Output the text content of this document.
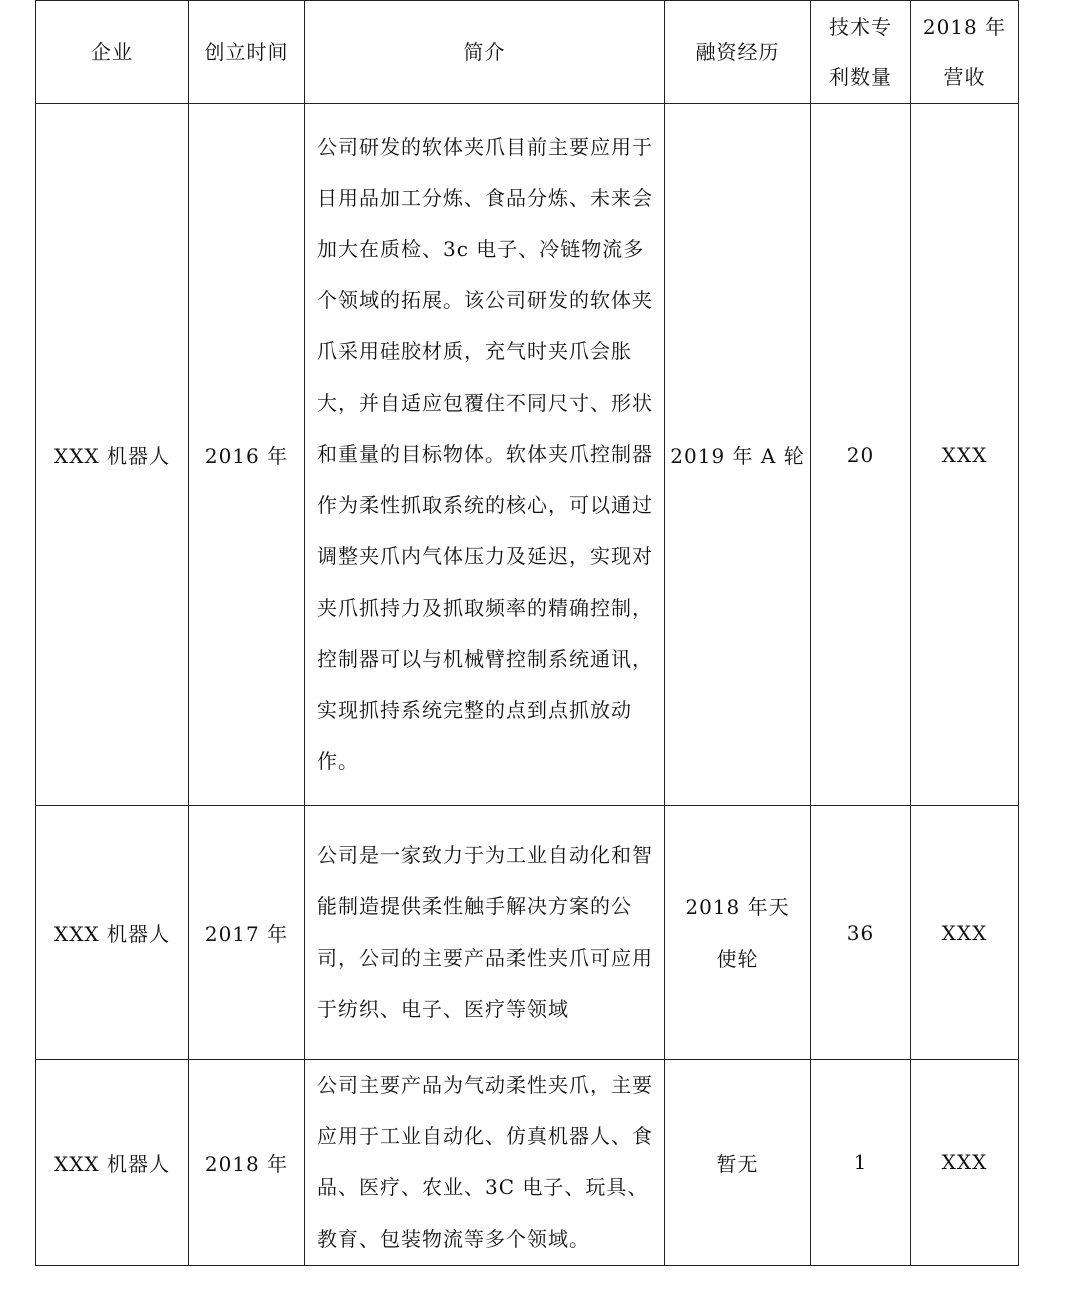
企业	创立时间	简介	融资经历	技术专利数量	2018 年营收

XXX 机器人	2016 年	公司研发的软体夹爪目前主要应用于日用品加工分炼、食品分炼、未来会加大在质检、3c 电子、冷链物流多个领域的拓展。该公司研发的软体夹爪采用硅胶材质，充气时夹爪会胀大，并自适应包覆住不同尺寸、形状和重量的目标物体。软体夹爪控制器作为柔性抓取系统的核心，可以通过调整夹爪内气体压力及延迟，实现对夹爪抓持力及抓取频率的精确控制，控制器可以与机械臂控制系统通讯，实现抓持系统完整的点到点抓放动作。	2019 年 A 轮	20	XXX

XXX 机器人	2017 年	公司是一家致力于为工业自动化和智能制造提供柔性触手解决方案的公司，公司的主要产品柔性夹爪可应用于纺织、电子、医疗等领域	2018 年天使轮	36	XXX

XXX 机器人	2018 年	公司主要产品为气动柔性夹爪，主要应用于工业自动化、仿真机器人、食品、医疗、农业、3C 电子、玩具、教育、包装物流等多个领域。	暂无	1	XXX
